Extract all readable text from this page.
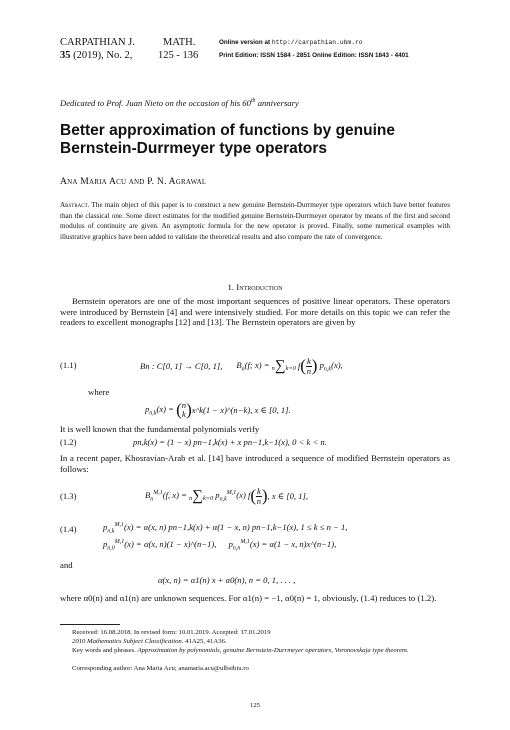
CARPATHIAN J.
35 (2019), No. 2,
MATH.
125 - 136
Online version at http://carpathian.ubm.ro
Print Edition: ISSN 1584 - 2851 Online Edition: ISSN 1843 - 4401
Dedicated to Prof. Juan Nieto on the occasion of his 60th anniversary
Better approximation of functions by genuine
Bernstein-Durrmeyer type operators
Ana Maria Acu and P. N. Agrawal
Abstract. The main object of this paper is to construct a new genuine Bernstein-Durrmeyer type operators which have better features than the classical one. Some direct estimates for the modified genuine Bernstein-Durrmeyer operator by means of the first and second modulus of continuity are given. An asymptotic formula for the new operator is proved. Finally, some numerical examples with illustrative graphics have been added to validate the theoretical results and also compare the rate of convergence.
1. Introduction
Bernstein operators are one of the most important sequences of positive linear operators. These operators were introduced by Bernstein [4] and were intensively studied. For more details on this topic we can refer the readers to excellent monographs [12] and [13]. The Bernstein operators are given by
(1.1)	Bn : C[0, 1] → C[0, 1], $B_n(f$; x) = n∑k=0 f ( $\frac{k}{n}$ ) $p_{n,k}(x)$,
where
$p_{n,k}(x)$ = ( n
k ) x^k(1 − x)^(n−k), x ∈ [0, 1].
It is well known that the fundamental polynomials verify
(1.2)	pn,k(x) = (1 − x) pn−1,k(x) + x pn−1,k−1(x), 0 < k < n.
In a recent paper, Khosravian-Arab et al. [14] have introduced a sequence of modified Bernstein operators as follows:
(1.3)	$B_n^{M,1}(f$, x) = n∑k=0 $p_{n,k}^{M,1}(x)$ f ( $\frac{k}{n}$ ) , x ∈ [0, 1],
(1.4)	$p_{n,k}^{M,1}(x) = \alpha(x$, n) pn−1,k(x) + α(1 − x, n) pn−1,k−1(x), 1 ≤ k ≤ n − 1,
$p_{n,0}^{M,1}(x) = \alpha(x$, n)(1 − x)^(n−1), $p_{n,n}^{M,1}(x) = \alpha(1 - x$, n)x^(n−1),
and
α(x, n) = α1(n) x + α0(n), n = 0, 1, . . . ,
where α0(n) and α1(n) are unknown sequences. For α1(n) = −1, α0(n) = 1, obviously, (1.4) reduces to (1.2).
Received: 16.08.2018. In revised form: 10.01.2019. Accepted: 17.01.2019
2010 Mathematics Subject Classification. 41A25, 41A36.
Key words and phrases. Approximation by polynomials, genuine Bernstein-Durrmeyer operators, Voronovskaja type theorem.
Corresponding author: Ana Maria Acu; anamaria.acu@ulbsibiu.ro
125
